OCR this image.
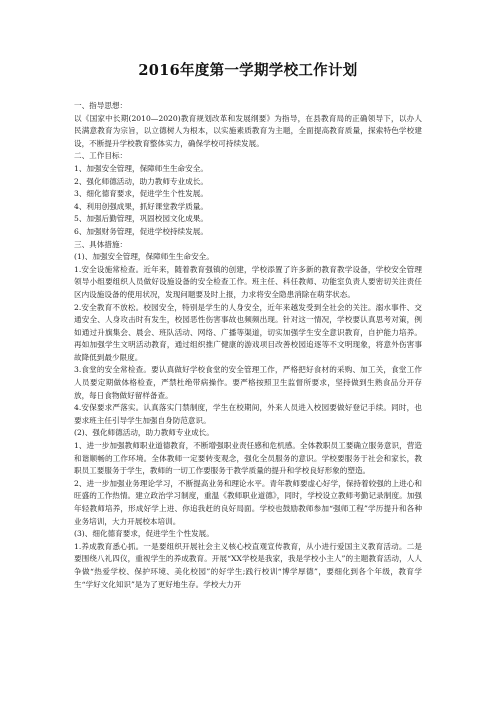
2016年度第一学期学校工作计划
一、指导思想：
以《国家中长期(2010—2020)教育规划改革和发展纲要》为指导，在县教育局的正确领导下，以办人民满意教育为宗旨，以立德树人为根本，以实施素质教育为主题，全面提高教育质量，探索特色学校建设，不断提升学校教育整体实力，确保学校可持续发展。
二、工作目标：
1、加强安全管理，保障师生生命安全。
2、强化师德活动，助力教师专业成长。
3、细化德育要求，促进学生个性发展。
4、利用创强成果，抓好课堂教学质量。
5、加强后勤管理，巩固校园文化成果。
6、加强财务管理，促进学校持续发展。
三、具体措施：
(1)、加强安全管理，保障师生生命安全。
1.安全设施常检查。近年来，随着教育强镇的创建，学校添置了许多新的教育教学设备，学校安全管理领导小组要组织人员做好设施设备的安全检查工作。班主任、科任教师、功能室负责人要密切关注责任区内设施设备的使用状况，发现问题要及时上报，力求将安全隐患消除在萌芽状态。
2.安全教育不放松。校园安全，特别是学生的人身安全，近年来越发受到全社会的关注。溺水事件、交通安全、人身攻击时有发生，校园恶性伤害事故也频频出现。针对这一情况，学校要认真思考对策，例如通过升旗集会、晨会、班队活动、网络、广播等渠道，切实加强学生安全意识教育，自护能力培养。再如加强学生文明活动教育，通过组织推广健康的游戏项目改善校园追逐等不文明现象，将意外伤害事故降低到最少限度。
3.食堂的安全常检查。要认真做好学校食堂的安全管理工作，严格把好食材的采购、加工关，食堂工作人员要定期做体格检查，严禁杜绝带病操作。要严格按照卫生监督所要求，坚持做到生熟食品分开存放，每日食物做好留样备查。
4.安保要求严落实。认真落实门禁制度，学生在校期间，外来人员进入校园要做好登记手续。同时，也要求班主任引导学生加强自身防范意识。
(2)、强化师德活动，助力教师专业成长。
1、进一步加强教师职业道德教育，不断增强职业责任感和危机感。全体教职员工要确立服务意识，营造和谐顺畅的工作环境。全体教师一定要转变观念，强化全员服务的意识。学校要服务于社会和家长，教职员工要服务于学生，教师的一切工作要服务于教学质量的提升和学校良好形象的塑造。
2、进一步加强业务理论学习，不断提高业务和理论水平。青年教师要虚心好学，保持着较强的上进心和旺盛的工作热情。建立政治学习制度，重温《教师职业道德》，同时，学校设立教师考勤记录制度。加强年轻教师培养，形成好学上进、你追我赶的良好局面。学校也鼓励教师参加“强师工程”学历提升和各种业务培训，大力开展校本培训。
(3)、细化德育要求，促进学生个性发展。
1.养成教育悉心抓。一是要组织开展社会主义核心校直观宣传教育，从小进行爱国主义教育活动。二是要围绕八礼四仪，重视学生的养成教育。开展“XX学校是我家，我是学校小主人”的主题教育活动，人人争做“热爱学校、保护环境、美化校园”的好学生;践行校训“博学厚德”，要细化到各个年级，教育学生“学好文化知识”是为了更好地生存。学校大力开
